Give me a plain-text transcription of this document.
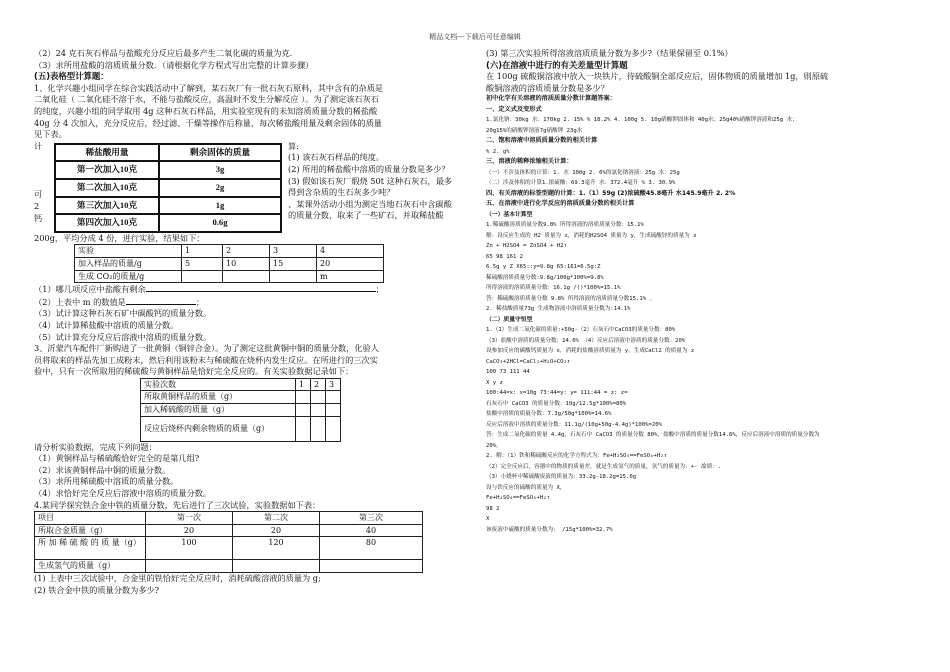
精品文档---下载后可任意编辑

（2）24 克石灰石样品与盐酸充分反应后最多产生二氧化碳的质量为克.

（3）求所用盐酸的溶质质量分数．（请根据化学方程式写出完整的计算步骤）

(五)表格型计算题：

1、化学兴趣小组同学在综合实践活动中了解到，某石灰厂有一批石灰石原料，其中含有的杂质是

二氧化硅（ 二氧化硅不溶于水，不能与盐酸反应，高温时不发生分解反应 ）。为了测定该石灰石

的纯度，兴趣小组的同学取用 4g 这种石灰石样品，用实验室现有的未知溶质质量分数的稀盐酸

40g 分 4 次加入，充分反应后，经过滤、干燥等操作后称量，每次稀盐酸用量及剩余固体的质量

见下表。

计

可

2

钙

稀盐酸用量	剩余固体的质量
第一次加入10克	3g
第二次加入10克	2g
第三次加入10克	1g
第四次加入10克	0.6g

算:

(1) 该石灰石样品的纯度。

(2) 所用的稀盐酸中溶质的质量分数是多少？

(3) 假如该石灰厂煅烧 50t 这种石灰石，最多

得到含杂质的生石灰多少吨？

、某课外活动小组为测定当地石灰石中含碳酸

的质量分数，取来了一些矿石，并取稀盐酸

200g，平均分成 4 份，进行实验，结果如下：

实验	1	2	3	4
加入样品的质量/g	5	10	15	20
生成 CO₂的质量/g				m

（1）哪几项反应中盐酸有剩余	；

（2）上表中 m 的数值是	；

（3）试计算这种石灰石矿中碳酸钙的质量分数。

（4）试计算稀盐酸中溶质的质量分数。

（5）试计算充分反应后溶液中溶质的质量分数。

3、沂蒙汽车配件厂新购进了一批黄铜（铜锌合金）。为了测定这批黄铜中铜的质量分数，化验人

员将取来的样品先加工成粉末，然后利用该粉末与稀硫酸在烧杯内发生反应。在所进行的三次实

验中，只有一次所取用的稀硫酸与黄铜样品是恰好完全反应的。有关实验数据记录如下：

实验次数	1	2	3
所取黄铜样品的质量（g）			
加入稀硫酸的质量（g）			
反应后烧杯内剩余物质的质量（g）			

请分析实验数据，完成下列问题：

（1）黄铜样品与稀硫酸恰好完全的是第几组?

（2）求该黄铜样品中铜的质量分数。

（3）求所用稀硫酸中溶质的质量分数。

（4）求恰好完全反应后溶液中溶质的质量分数。

4.某同学探究铁合金中铁的质量分数，先后进行了三次试验，实验数据如下表：

项目	第一次	第二次	第三次
所取合金质量（g）	20	20	40
所 加 稀 硫 酸 的 质 量（g）	100	120	80
生成氢气的质量（g）			

(1) 上表中三次试验中，合金里的铁恰好完全反应时，消耗硫酸溶液的质量为 g;

(2) 铁合金中铁的质量分数为多少?

(3) 第三次实验所得溶液溶质质量分数为多少?（结果保留至 0.1%）

(六)在溶液中进行的有关差量型计算题

在 100g 硫酸铜溶液中放入一块铁片，待硫酸铜全部反应后，固体物质的质量增加 1g，则原硫

酸铜溶液的溶质质量分数是多少？

初中化学有关溶液的溶质质量分数计算题答案：

一、定义式及变形式

1.氯化钠：30kg 水：170kg 2. 15% % 18.2% 4. 100g 5. 10g硝酸钾固体和 40g水；25g40%硝酸钾溶液和25g 水；

20g15%的硝酸钾溶液7g硝酸钾 23g水

二、饱和溶液中溶质质量分数的相关计算

% 2. g%

三、溶液的稀释浓缩相关计算：

（一）不涉及体积的计算：1. 水 100g 2. 6%的氯化钠溶液：25g 水：25g

（二）涉及体积的计算1.浓硫酸：69.3毫升 水：372.4毫升 % 3. 30.9%

四、有关溶液的标签型题的计算：1.（1）59g (2)浓硫酸45.8毫升 水145.9毫升 2. 2%

五、在溶液中进行化学反应的溶质质量分数的相关计算

（一）基本计算型

1.稀硫酸溶质质量分数9.8% 所得溶液的溶质质量分数：15.1%

解：设反应生成的 H2 质量为 x，消耗的H2SO4 质量为 y，生成硫酸锌的质量为 z

Zn + H2SO4 = ZnSO4 + H2↑

65 98 161 2

6.5g y Z X65::y=9.8g 65:161=6.5g:Z

稀硫酸溶质质量分数:9.8g/100g*100%=9.8%

所得溶液的溶质质量分数：16.1g /()*100%=15.1%

答：稀硫酸溶质质量分数 9.8% 所得溶液的溶质质量分数15.1% 。

2. 稀盐酸质量73g 生成物溶液中溶质质量分数为:14.1%

（二）质量守恒型

1.（1）生成二氧化碳的质量:+50g-（2）石灰石中CaCO3的质量分数：80%

（3）盐酸中溶质的质量分数：14.6% （4）反应后溶液中溶质的质量分数：20%

设参加反应的碳酸钙质量为 x，消耗的盐酸溶质质量为 y，生成CaCl2 的质量为 z

CaCO₃+2HCl=CaCl₂+H₂O+CO₂↑

100 73 111 44

X y z

100:44=x: x=10g 73:44=y: y= 111:44 = z: z=

石灰石中 CaCO3 的质量分数：10g/12.5g*100%=80%

盐酸中溶质的质量分数：7.3g/50g*100%=14.6%

反应后溶液中溶质的质量分数：11.1g/(10g+50g-4.4g)*100%=20%

答：生成二氧化碳的质量 4.4g，石灰石中 CaCO3 的质量分数 80%，盐酸中溶质的质量分数14.6%，反应后溶液中溶质的质量分数为

20%。

2. 解：（1）铁和稀硫酸反应的化学方程式为：Fe+H₂SO₄==FeSO₄+H₂↑

（2）完全反应后，容器中的物质的质量差，就是生成氢气的质量，氢气的质量为：+- 故填：.

（3）小烧杯中稀硫酸废液的质量为：33.2g-18.2g=15.0g

设与铁反应的硫酸的质量为 X，

Fe+H₂SO₄==FeSO₄+H₂↑

98 2

X

该废液中硫酸的质量分数为： /15g*100%=32.7%
